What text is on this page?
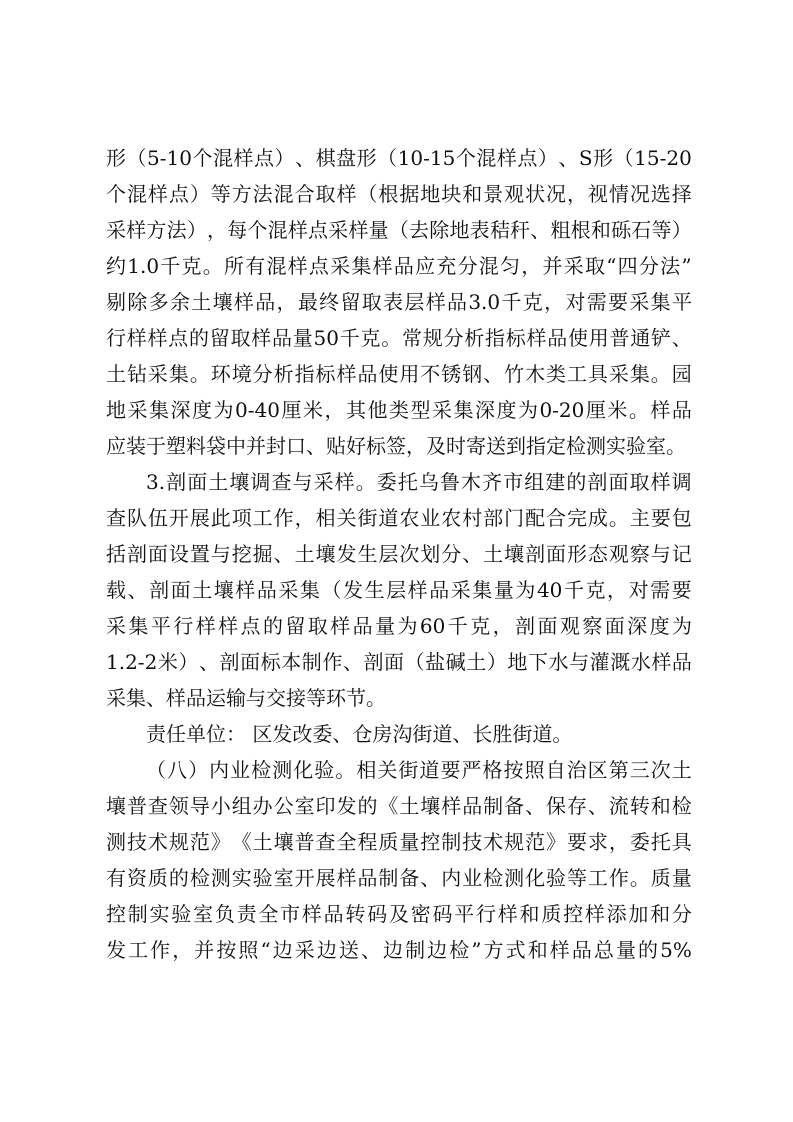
形 （ 5-10 个 混 样 点 ） 、 棋 盘 形 （ 10-15 个 混 样 点 ） 、 S 形 （ 15-20
个 混 样 点 ） 等 方 法 混 合 取 样 （ 根 据 地 块 和 景 观 状 况 ， 视 情 况 选 择
采 样 方 法 ） ， 每 个 混 样 点 采 样 量 （ 去 除 地 表 秸 秆 、 粗 根 和 砾 石 等 ）
约 1.0 千 克 。 所 有 混 样 点 采 集 样 品 应 充 分 混 匀 ， 并 采 取 “ 四 分 法 ”
剔 除 多 余 土 壤 样 品 ， 最 终 留 取 表 层 样 品 3.0 千 克 ， 对 需 要 采 集 平
行 样 样 点 的 留 取 样 品 量 50 千 克 。 常 规 分 析 指 标 样 品 使 用 普 通 铲 、
土 钻 采 集 。 环 境 分 析 指 标 样 品 使 用 不 锈 钢 、 竹 木 类 工 具 采 集 。 园
地 采 集 深 度 为 0-40 厘 米 ， 其 他 类 型 采 集 深 度 为 0-20 厘 米 。 样 品
应装于塑料袋中并封口、贴好标签，及时寄送到指定检测实验室。
3. 剖 面 土 壤 调 查 与 采 样 。 委 托 乌 鲁 木 齐 市 组 建 的 剖 面 取 样 调
查 队 伍 开 展 此 项 工 作 ， 相 关 街 道 农 业 农 村 部 门 配 合 完 成 。 主 要 包
括 剖 面 设 置 与 挖 掘 、 土 壤 发 生 层 次 划 分 、 土 壤 剖 面 形 态 观 察 与 记
载 、 剖 面 土 壤 样 品 采 集 （ 发 生 层 样 品 采 集 量 为 40 千 克 ， 对 需 要
采 集 平 行 样 样 点 的 留 取 样 品 量 为 60 千 克 ， 剖 面 观 察 面 深 度 为
1.2-2 米 ） 、 剖 面 标 本 制 作 、 剖 面 （ 盐 碱 土 ） 地 下 水 与 灌 溉 水 样 品
采集、样品运输与交接等环节。
责任单位： 区发改委、仓房沟街道、长胜街道。
（ 八 ） 内 业 检 测 化 验 。 相 关 街 道 要 严 格 按 照 自 治 区 第 三 次 土
壤 普 查 领 导 小 组 办 公 室 印 发 的 《 土 壤 样 品 制 备 、 保 存 、 流 转 和 检
测 技 术 规 范 》 《 土 壤 普 查 全 程 质 量 控 制 技 术 规 范 》 要 求 ， 委 托 具
有 资 质 的 检 测 实 验 室 开 展 样 品 制 备 、 内 业 检 测 化 验 等 工 作 。 质 量
控 制 实 验 室 负 责 全 市 样 品 转 码 及 密 码 平 行 样 和 质 控 样 添 加 和 分
发 工 作 ， 并 按 照 “ 边 采 边 送 、 边 制 边 检 ” 方 式 和 样 品 总 量 的 5%
